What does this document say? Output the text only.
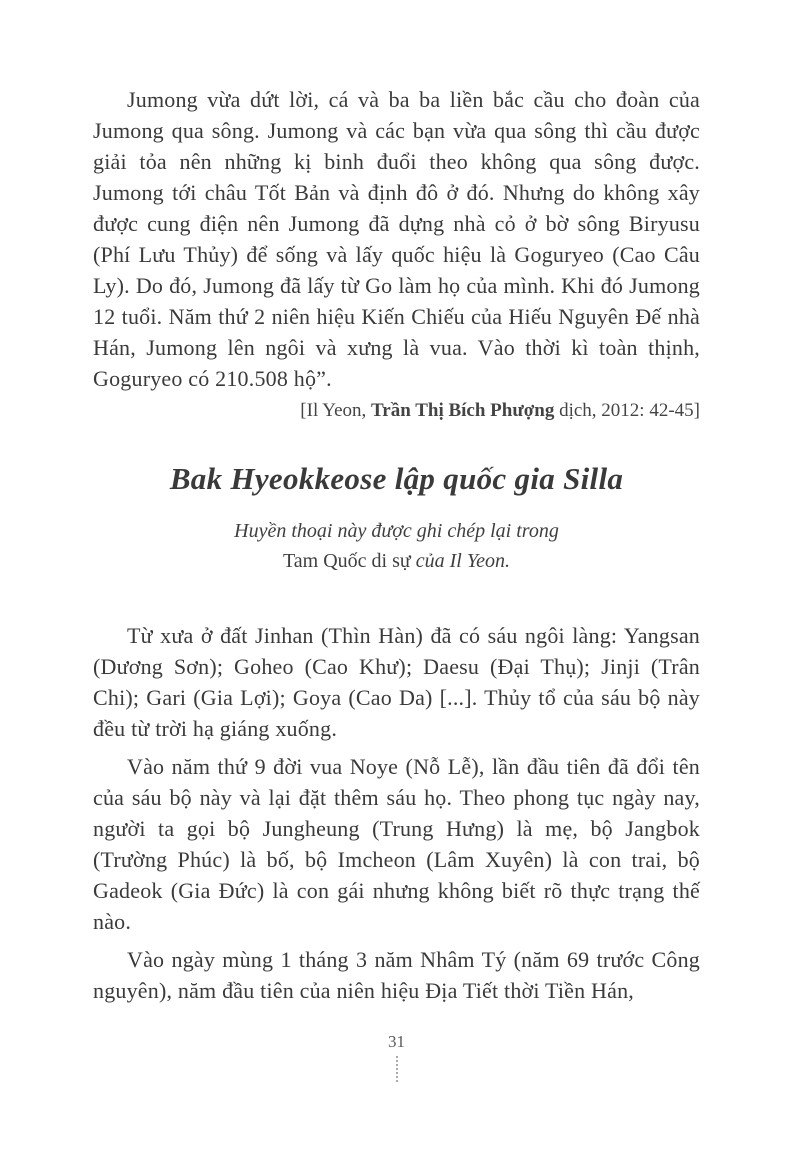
Jumong vừa dứt lời, cá và ba ba liền bắc cầu cho đoàn của Jumong qua sông. Jumong và các bạn vừa qua sông thì cầu được giải tỏa nên những kị binh đuổi theo không qua sông được. Jumong tới châu Tốt Bản và định đô ở đó. Nhưng do không xây được cung điện nên Jumong đã dựng nhà cỏ ở bờ sông Biryusu (Phí Lưu Thủy) để sống và lấy quốc hiệu là Goguryeo (Cao Câu Ly). Do đó, Jumong đã lấy từ Go làm họ của mình. Khi đó Jumong 12 tuổi. Năm thứ 2 niên hiệu Kiến Chiếu của Hiếu Nguyên Đế nhà Hán, Jumong lên ngôi và xưng là vua. Vào thời kì toàn thịnh, Goguryeo có 210.508 hộ”.

[Il Yeon, Trần Thị Bích Phượng dịch, 2012: 42-45]

Bak Hyeokkeose lập quốc gia Silla
Huyền thoại này được ghi chép lại trong
Tam Quốc di sự của Il Yeon.

Từ xưa ở đất Jinhan (Thìn Hàn) đã có sáu ngôi làng: Yangsan (Dương Sơn); Goheo (Cao Khư); Daesu (Đại Thụ); Jinji (Trân Chi); Gari (Gia Lợi); Goya (Cao Da) [...]. Thủy tổ của sáu bộ này đều từ trời hạ giáng xuống.

Vào năm thứ 9 đời vua Noye (Nỗ Lễ), lần đầu tiên đã đổi tên của sáu bộ này và lại đặt thêm sáu họ. Theo phong tục ngày nay, người ta gọi bộ Jungheung (Trung Hưng) là mẹ, bộ Jangbok (Trường Phúc) là bố, bộ Imcheon (Lâm Xuyên) là con trai, bộ Gadeok (Gia Đức) là con gái nhưng không biết rõ thực trạng thế nào.

Vào ngày mùng 1 tháng 3 năm Nhâm Tý (năm 69 trước Công nguyên), năm đầu tiên của niên hiệu Địa Tiết thời Tiền Hán,

31
